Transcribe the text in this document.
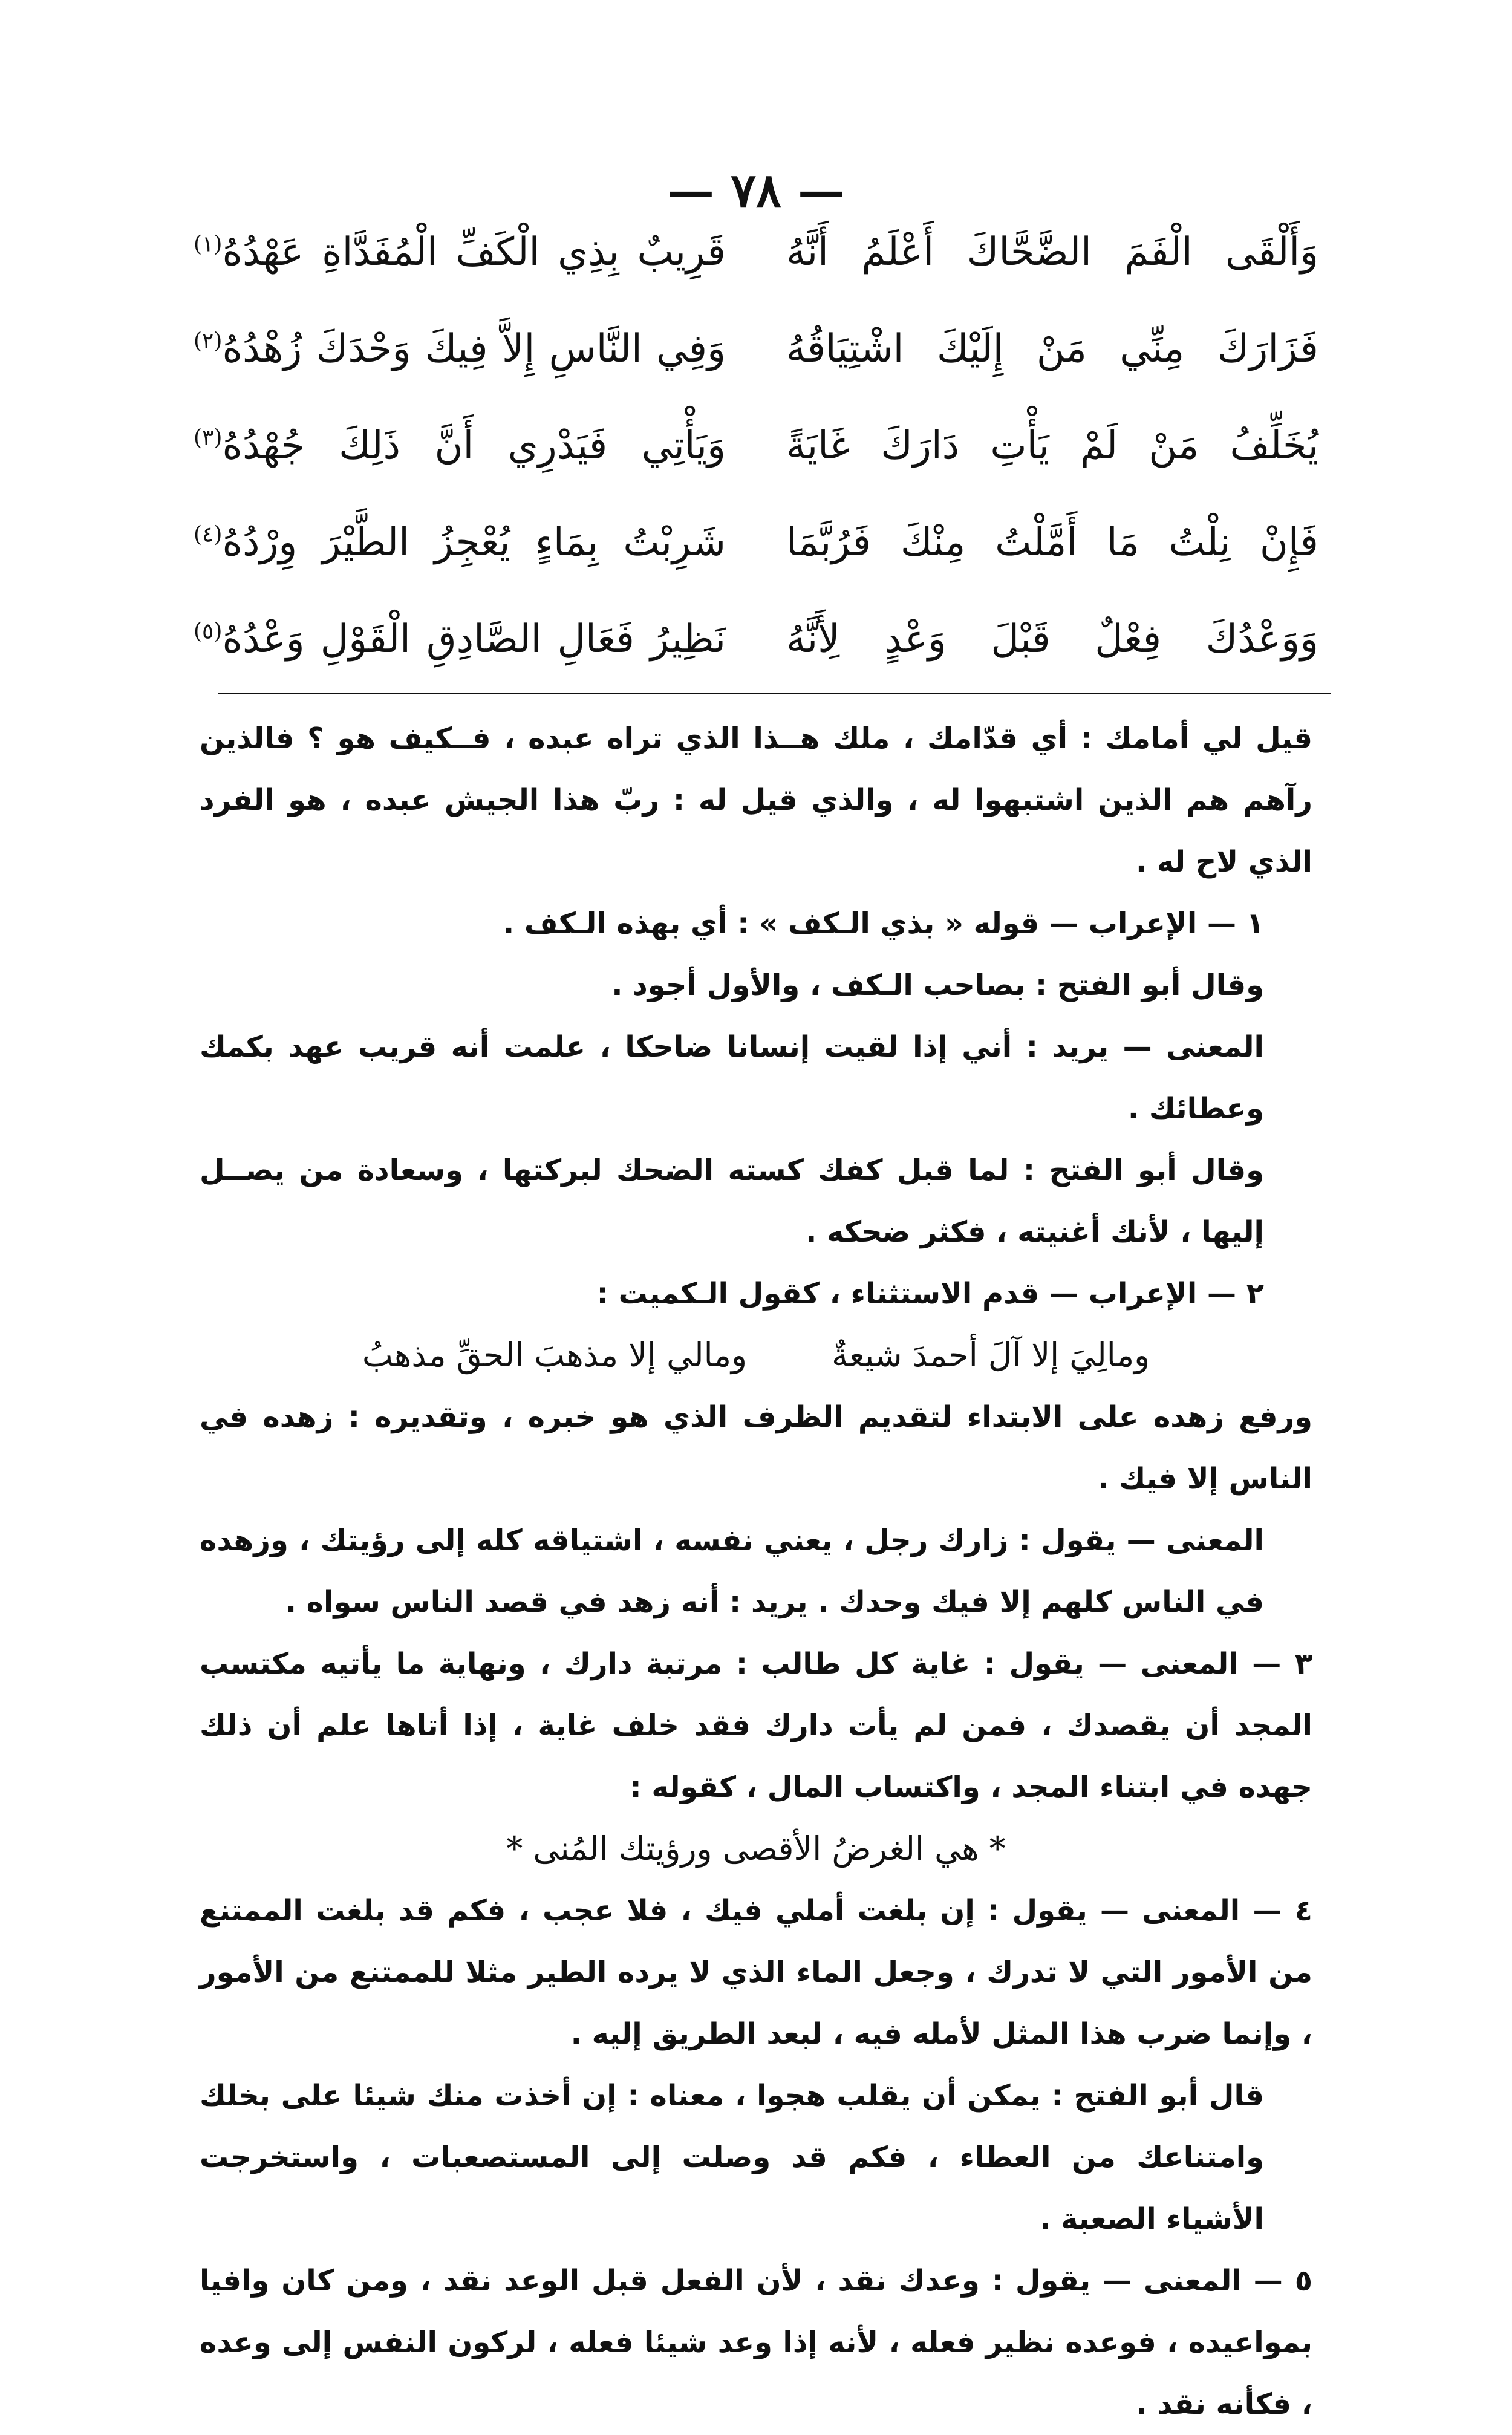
— ٧٨ —
وَأَلْقَى الْفَمَ الضَّحَّاكَ أَعْلَمُ أَنَّهُ
قَرِيبٌ بِذِي الْكَفِّ الْمُفَدَّاةِ عَهْدُهُ$^{(١)}$
فَزَارَكَ مِنِّي مَنْ إِلَيْكَ اشْتِيَاقُهُ
وَفِي النَّاسِ إِلاَّ فِيكَ وَحْدَكَ زُهْدُهُ$^{(٢)}$
يُخَلِّفُ مَنْ لَمْ يَأْتِ دَارَكَ غَايَةً
وَيَأْتِي فَيَدْرِي أَنَّ ذَلِكَ جُهْدُهُ$^{(٣)}$
فَإِنْ نِلْتُ مَا أَمَّلْتُ مِنْكَ فَرُبَّمَا
شَرِبْتُ بِمَاءٍ يُعْجِزُ الطَّيْرَ وِرْدُهُ$^{(٤)}$
وَوَعْدُكَ فِعْلٌ قَبْلَ وَعْدٍ لِأَنَّهُ
نَظِيرُ فَعَالِ الصَّادِقِ الْقَوْلِ وَعْدُهُ$^{(٥)}$

قيل لي أمامك : أي قدّامك ، ملك هــذا الذي تراه عبده ، فــكيف هو ؟ فالذين رآهم هم الذين اشتبهوا له ، والذي قيل له : ربّ هذا الجيش عبده ، هو الفرد الذي لاح له .

١ — الإعراب — قوله « بذي الـكف » : أي بهذه الـكف .

وقال أبو الفتح : بصاحب الـكف ، والأول أجود .

المعنى — يريد : أني إذا لقيت إنسانا ضاحكا ، علمت أنه قريب عهد بكمك وعطائك .

وقال أبو الفتح : لما قبل كفك كسته الضحك لبركتها ، وسعادة من يصــل إليها ، لأنك أغنيته ، فكثر ضحكه .

٢ — الإعراب — قدم الاستثناء ، كقول الـكميت :

ومالِيَ إلا آلَ أحمدَ شيعةٌ
ومالي إلا مذهبَ الحقِّ مذهبُ

ورفع زهده على الابتداء لتقديم الظرف الذي هو خبره ، وتقديره : زهده في الناس إلا فيك .

المعنى — يقول : زارك رجل ، يعني نفسه ، اشتياقه كله إلى رؤيتك ، وزهده في الناس كلهم إلا فيك وحدك . يريد : أنه زهد في قصد الناس سواه .

٣ — المعنى — يقول : غاية كل طالب : مرتبة دارك ، ونهاية ما يأتيه مكتسب المجد أن يقصدك ، فمن لم يأت دارك فقد خلف غاية ، إذا أتاها علم أن ذلك جهده في ابتناء المجد ، واكتساب المال ، كقوله :

* هي الغرضُ الأقصى ورؤيتك المُنى *

٤ — المعنى — يقول : إن بلغت أملي فيك ، فلا عجب ، فكم قد بلغت الممتنع من الأمور التي لا تدرك ، وجعل الماء الذي لا يرده الطير مثلا للممتنع من الأمور ، وإنما ضرب هذا المثل لأمله فيه ، لبعد الطريق إليه .

قال أبو الفتح : يمكن أن يقلب هجوا ، معناه : إن أخذت منك شيئا على بخلك وامتناعك من العطاء ، فكم قد وصلت إلى المستصعبات ، واستخرجت الأشياء الصعبة .

٥ — المعنى — يقول : وعدك نقد ، لأن الفعل قبل الوعد نقد ، ومن كان وافيا بمواعيده ، فوعده نظير فعله ، لأنه إذا وعد شيئا فعله ، لركون النفس إلى وعده ، فكأنه نقد .
